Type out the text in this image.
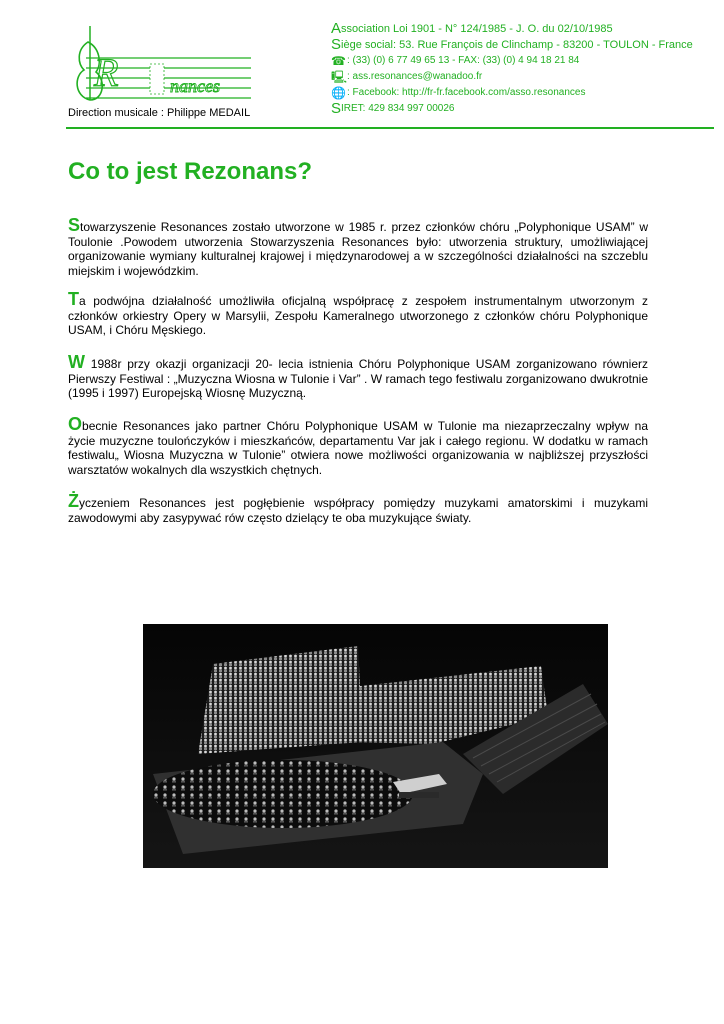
R	nances
Direction musicale : Philippe MEDAIL
A ssociation Loi 1901 - N° 124/1985 - J. O. du 02/10/1985
S iège social: 53. Rue François de Clinchamp - 83200 - TOULON - France
☎ : (33) (0) 6 77 49 65 13 - FAX: (33) (0) 4 94 18 21 84
🖳 : ass.resonances@wanadoo.fr
🌐 : Facebook: http://fr-fr.facebook.com/asso.resonances
S IRET: 429 834 997 00026
Co to jest Rezonans?

Stowarzyszenie Resonances zostało utworzone w 1985 r. przez członków chóru „Polyphonique USAM” w Toulonie .Powodem utworzenia Stowarzyszenia Resonances było: utworzenia struktury, umożliwiającej organizowanie wymiany kulturalnej krajowej i międzynarodowej a w szczególności działalności na szczeblu miejskim i wojewódzkim.

Ta podwójna działalność umożliwiła oficjalną współpracę z zespołem instrumentalnym utworzonym z członków orkiestry Opery w Marsylii, Zespołu Kameralnego utworzonego z członków chóru Polyphonique USAM, i Chóru Męskiego.

W 1988r przy okazji organizacji 20- lecia istnienia Chóru Polyphonique USAM zorganizowano równierz Pierwszy Festiwal : „Muzyczna Wiosna w Tulonie i Var” . W ramach tego festiwalu zorganizowano dwukrotnie (1995 i 1997) Europejską Wiosnę Muzyczną.

Obecnie Resonances jako partner Chóru Polyphonique USAM w Tulonie ma niezaprzeczalny wpływ na życie muzyczne toulończyków i mieszkańców, departamentu Var jak i całego regionu. W dodatku w ramach festiwalu„ Wiosna Muzyczna w Tulonie” otwiera nowe możliwości organizowania w najbliższej przyszłości warsztatów wokalnych dla wszystkich chętnych.

Życzeniem Resonances jest pogłębienie współpracy pomiędzy muzykami amatorskimi i muzykami zawodowymi aby zasypywać rów często dzielący te oba muzykujące światy.
